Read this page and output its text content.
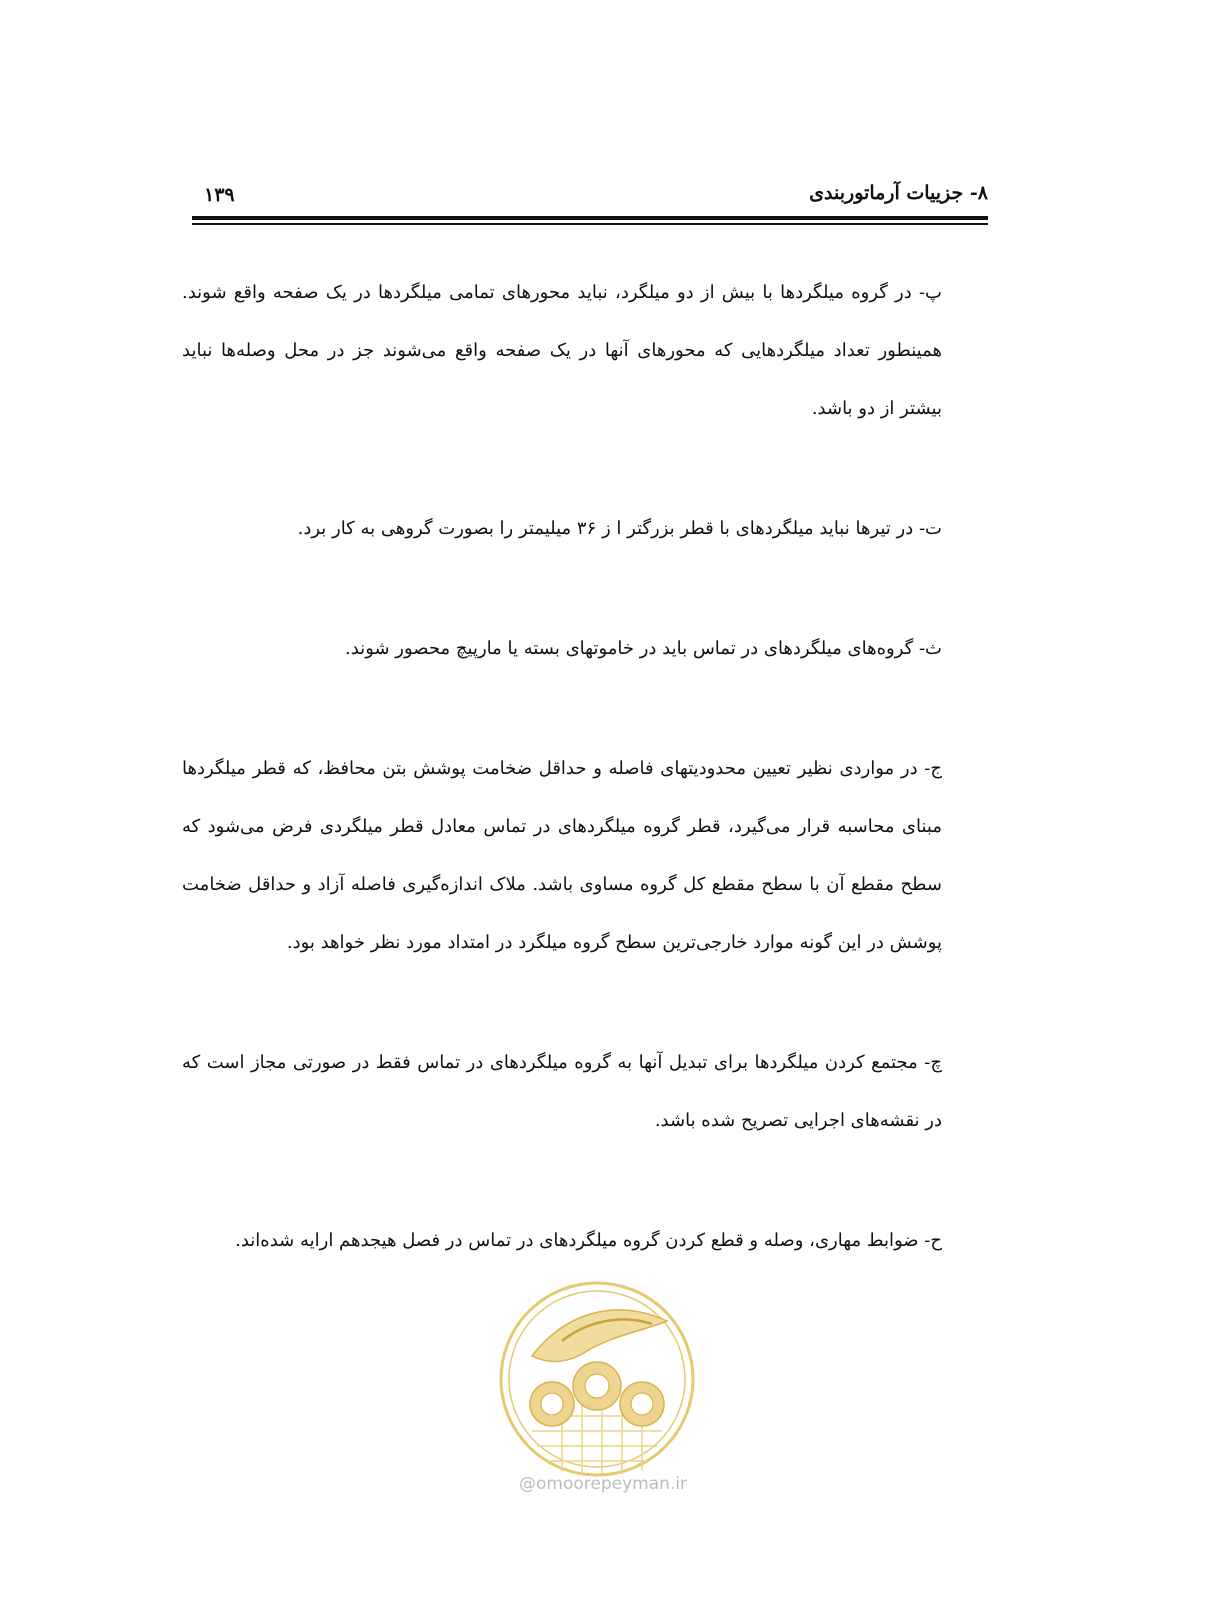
۸- جزییات آرماتوربندی
۱۳۹

پ- در گروه میلگردها با بیش از دو میلگرد، نباید محورهای تمامی میلگردها در یک صفحه واقع شوند. همینطور تعداد میلگردهایی که محورهای آنها در یک صفحه واقع می‌شوند جز در محل وصله‌ها نباید بیشتر از دو باشد.

ت- در تیرها نباید میلگردهای با قطر بزرگتر ا ز ۳۶ میلیمتر را بصورت گروهی به کار برد.

ث- گروه‌های میلگردهای در تماس باید در خاموتهای بسته یا مارپیچ محصور شوند.

ج- در مواردی نظیر تعیین محدودیتهای فاصله و حداقل ضخامت پوشش بتن محافظ، که قطر میلگردها مبنای محاسبه قرار می‌گیرد، قطر گروه میلگردهای در تماس معادل قطر میلگردی فرض می‌شود که سطح مقطع آن با سطح مقطع کل گروه مساوی باشد. ملاک اندازه‌گیری فاصله آزاد و حداقل ضخامت پوشش در این گونه موارد خارجی‌ترین سطح گروه میلگرد در امتداد مورد نظر خواهد بود.

چ- مجتمع کردن میلگردها برای تبدیل آنها به گروه میلگردهای در تماس فقط در صورتی مجاز است که در نقشه‌های اجرایی تصریح شده باشد.

ح- ضوابط مهاری، وصله و قطع کردن گروه میلگردهای در تماس در فصل هیجدهم ارایه شده‌اند.

@omoorepeyman.ir
